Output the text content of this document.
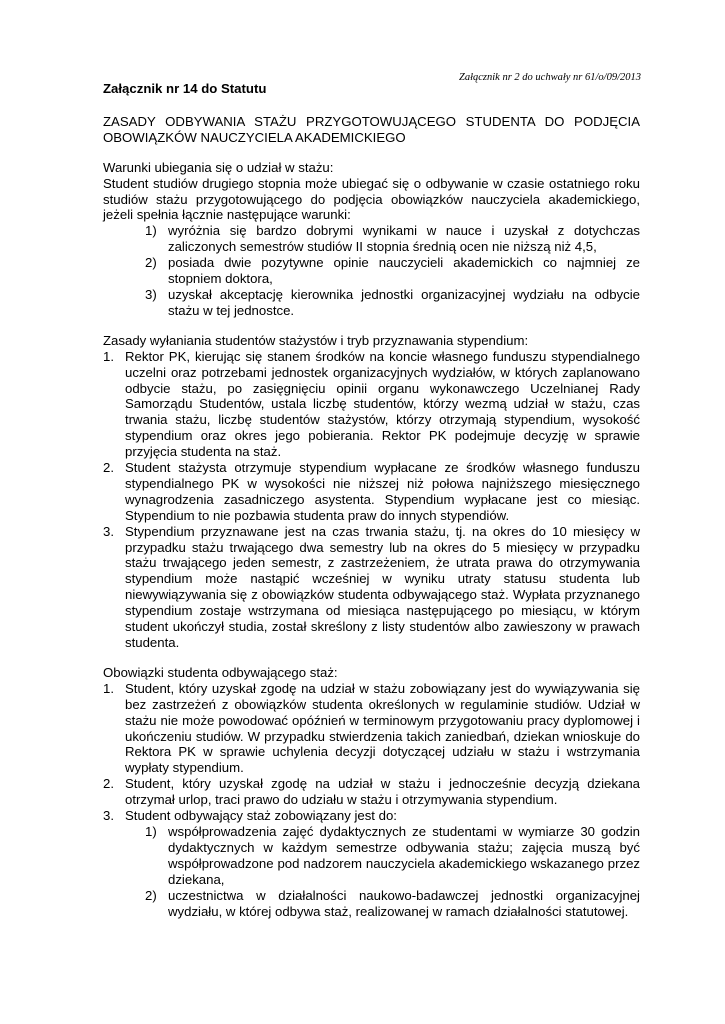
Załącznik nr 2 do uchwały nr 61/o/09/2013

Załącznik nr 14 do Statutu

ZASADY ODBYWANIA STAŻU PRZYGOTOWUJĄCEGO STUDENTA DO PODJĘCIA OBOWIĄZKÓW NAUCZYCIELA AKADEMICKIEGO

Warunki ubiegania się o udział w stażu:

Student studiów drugiego stopnia może ubiegać się o odbywanie w czasie ostatniego roku studiów stażu przygotowującego do podjęcia obowiązków nauczyciela akademickiego, jeżeli spełnia łącznie następujące warunki:

1) wyróżnia się bardzo dobrymi wynikami w nauce i uzyskał z dotychczas zaliczonych semestrów studiów II stopnia średnią ocen nie niższą niż 4,5,
2) posiada dwie pozytywne opinie nauczycieli akademickich co najmniej ze stopniem doktora,
3) uzyskał akceptację kierownika jednostki organizacyjnej wydziału na odbycie stażu w tej jednostce.

Zasady wyłaniania studentów stażystów i tryb przyznawania stypendium:

1. Rektor PK, kierując się stanem środków na koncie własnego funduszu stypendialnego uczelni oraz potrzebami jednostek organizacyjnych wydziałów, w których zaplanowano odbycie stażu, po zasięgnięciu opinii organu wykonawczego Uczelnianej Rady Samorządu Studentów, ustala liczbę studentów, którzy wezmą udział w stażu, czas trwania stażu, liczbę studentów stażystów, którzy otrzymają stypendium, wysokość stypendium oraz okres jego pobierania. Rektor PK podejmuje decyzję w sprawie przyjęcia studenta na staż.
2. Student stażysta otrzymuje stypendium wypłacane ze środków własnego funduszu stypendialnego PK w wysokości nie niższej niż połowa najniższego miesięcznego wynagrodzenia zasadniczego asystenta. Stypendium wypłacane jest co miesiąc. Stypendium to nie pozbawia studenta praw do innych stypendiów.
3. Stypendium przyznawane jest na czas trwania stażu, tj. na okres do 10 miesięcy w przypadku stażu trwającego dwa semestry lub na okres do 5 miesięcy w przypadku stażu trwającego jeden semestr, z zastrzeżeniem, że utrata prawa do otrzymywania stypendium może nastąpić wcześniej w wyniku utraty statusu studenta lub niewywiązywania się z obowiązków studenta odbywającego staż. Wypłata przyznanego stypendium zostaje wstrzymana od miesiąca następującego po miesiącu, w którym student ukończył studia, został skreślony z listy studentów albo zawieszony w prawach studenta.

Obowiązki studenta odbywającego staż:

1. Student, który uzyskał zgodę na udział w stażu zobowiązany jest do wywiązywania się bez zastrzeżeń z obowiązków studenta określonych w regulaminie studiów. Udział w stażu nie może powodować opóźnień w terminowym przygotowaniu pracy dyplomowej i ukończeniu studiów. W przypadku stwierdzenia takich zaniedbań, dziekan wnioskuje do Rektora PK w sprawie uchylenia decyzji dotyczącej udziału w stażu i wstrzymania wypłaty stypendium.
2. Student, który uzyskał zgodę na udział w stażu i jednocześnie decyzją dziekana otrzymał urlop, traci prawo do udziału w stażu i otrzymywania stypendium.
3. Student odbywający staż zobowiązany jest do:
1) współprowadzenia zajęć dydaktycznych ze studentami w wymiarze 30 godzin dydaktycznych w każdym semestrze odbywania stażu; zajęcia muszą być współprowadzone pod nadzorem nauczyciela akademickiego wskazanego przez dziekana,
2) uczestnictwa w działalności naukowo-badawczej jednostki organizacyjnej wydziału, w której odbywa staż, realizowanej w ramach działalności statutowej.
